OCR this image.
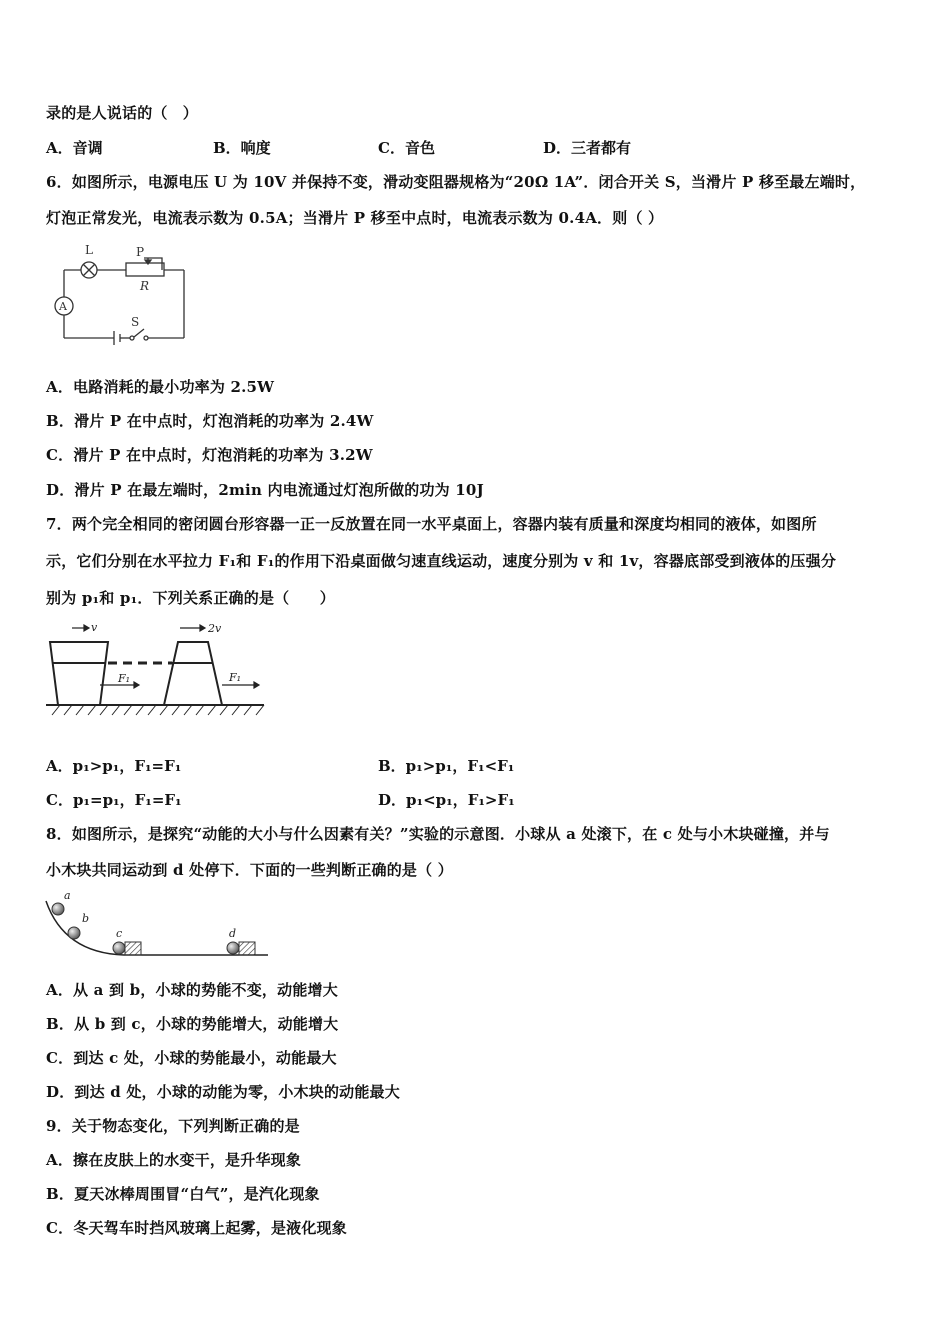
录的是人说话的（　）
A．音调	B．响度	C．音色	D．三者都有
6．如图所示，电源电压 U 为 10V 并保持不变，滑动变阻器规格为“20Ω 1A”．闭合开关 S，当滑片 P 移至最左端时，
灯泡正常发光，电流表示数为 0.5A；当滑片 P 移至中点时，电流表示数为 0.4A．则（ ）
L	P
R
A
S
A．电路消耗的最小功率为 2.5W
B．滑片 P 在中点时，灯泡消耗的功率为 2.4W
C．滑片 P 在中点时，灯泡消耗的功率为 3.2W
D．滑片 P 在最左端时，2min 内电流通过灯泡所做的功为 10J
7．两个完全相同的密闭圆台形容器一正一反放置在同一水平桌面上，容器内装有质量和深度均相同的液体，如图所
示，它们分别在水平拉力 F₁和 F₁的作用下沿桌面做匀速直线运动，速度分别为 v 和 1v，容器底部受到液体的压强分
别为 p₁和 p₁．下列关系正确的是（　　）
v	2v
F₁	F₁
A．p₁>p₁，F₁=F₁	B．p₁>p₁，F₁<F₁
C．p₁=p₁，F₁=F₁	D．p₁<p₁，F₁>F₁
8．如图所示，是探究“动能的大小与什么因素有关？”实验的示意图．小球从 a 处滚下，在 c 处与小木块碰撞，并与
小木块共同运动到 d 处停下．下面的一些判断正确的是（ ）
a
b
c	d
A．从 a 到 b，小球的势能不变，动能增大
B．从 b 到 c，小球的势能增大，动能增大
C．到达 c 处，小球的势能最小，动能最大
D．到达 d 处，小球的动能为零，小木块的动能最大
9．关于物态变化，下列判断正确的是
A．擦在皮肤上的水变干，是升华现象
B．夏天冰棒周围冒“白气”，是汽化现象
C．冬天驾车时挡风玻璃上起雾，是液化现象
